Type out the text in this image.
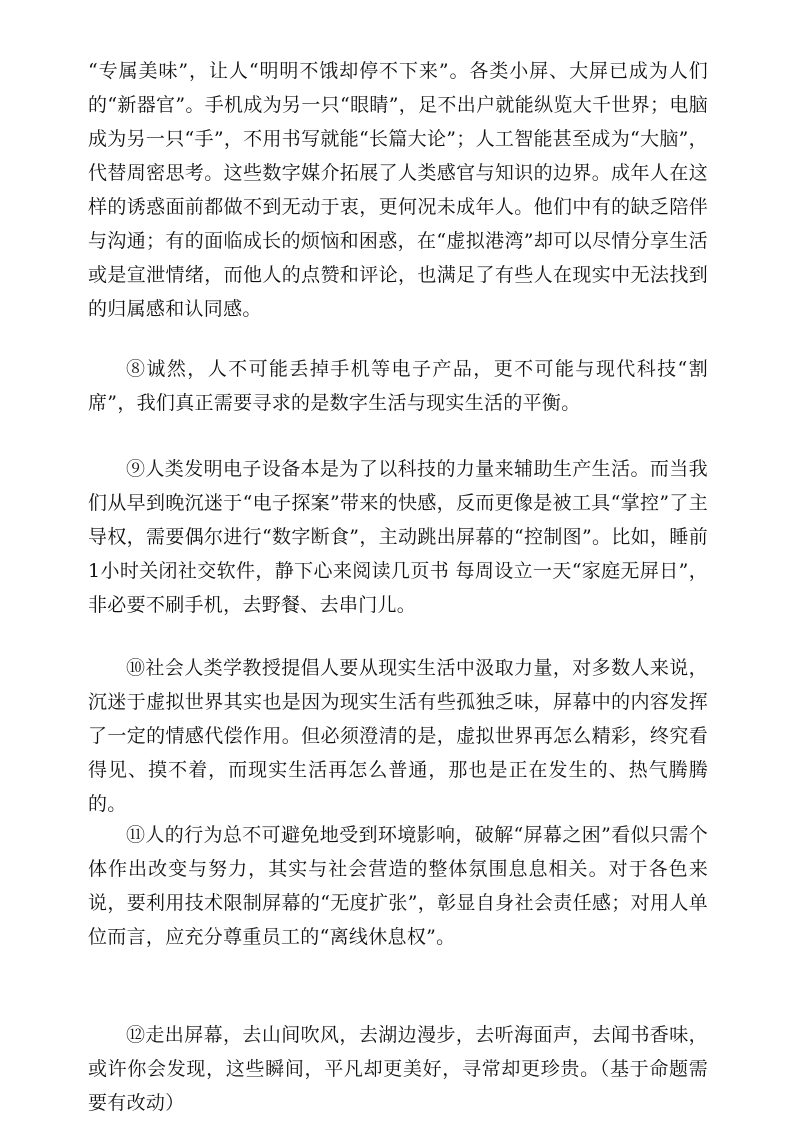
“专属美味”，让人“明明不饿却停不下来”。各类小屏、大屏已成为人们的“新器官”。手机成为另一只“眼睛”，足不出户就能纵览大千世界；电脑成为另一只“手”，不用书写就能“长篇大论”；人工智能甚至成为“大脑”，代替周密思考。这些数字媒介拓展了人类感官与知识的边界。成年人在这样的诱惑面前都做不到无动于衷，更何况未成年人。他们中有的缺乏陪伴与沟通；有的面临成长的烦恼和困惑，在“虚拟港湾”却可以尽情分享生活或是宣泄情绪，而他人的点赞和评论，也满足了有些人在现实中无法找到的归属感和认同感。

⑧诚然，人不可能丢掉手机等电子产品，更不可能与现代科技“割席”，我们真正需要寻求的是数字生活与现实生活的平衡。

⑨人类发明电子设备本是为了以科技的力量来辅助生产生活。而当我们从早到晚沉迷于“电子探案”带来的快感，反而更像是被工具“掌控”了主导权，需要偶尔进行“数字断食”，主动跳出屏幕的“控制图”。比如，睡前1小时关闭社交软件，静下心来阅读几页书 每周设立一天“家庭无屏日”，非必要不刷手机，去野餐、去串门儿。

⑩社会人类学教授提倡人要从现实生活中汲取力量，对多数人来说，沉迷于虚拟世界其实也是因为现实生活有些孤独乏味，屏幕中的内容发挥了一定的情感代偿作用。但必须澄清的是，虚拟世界再怎么精彩，终究看得见、摸不着，而现实生活再怎么普通，那也是正在发生的、热气腾腾的。

⑪人的行为总不可避免地受到环境影响，破解“屏幕之困”看似只需个体作出改变与努力，其实与社会营造的整体氛围息息相关。对于各色来说，要利用技术限制屏幕的“无度扩张”，彰显自身社会责任感；对用人单位而言，应充分尊重员工的“离线休息权”。

⑫走出屏幕，去山间吹风，去湖边漫步，去听海面声，去闻书香味，或许你会发现，这些瞬间，平凡却更美好，寻常却更珍贵。（基于命题需要有改动）
